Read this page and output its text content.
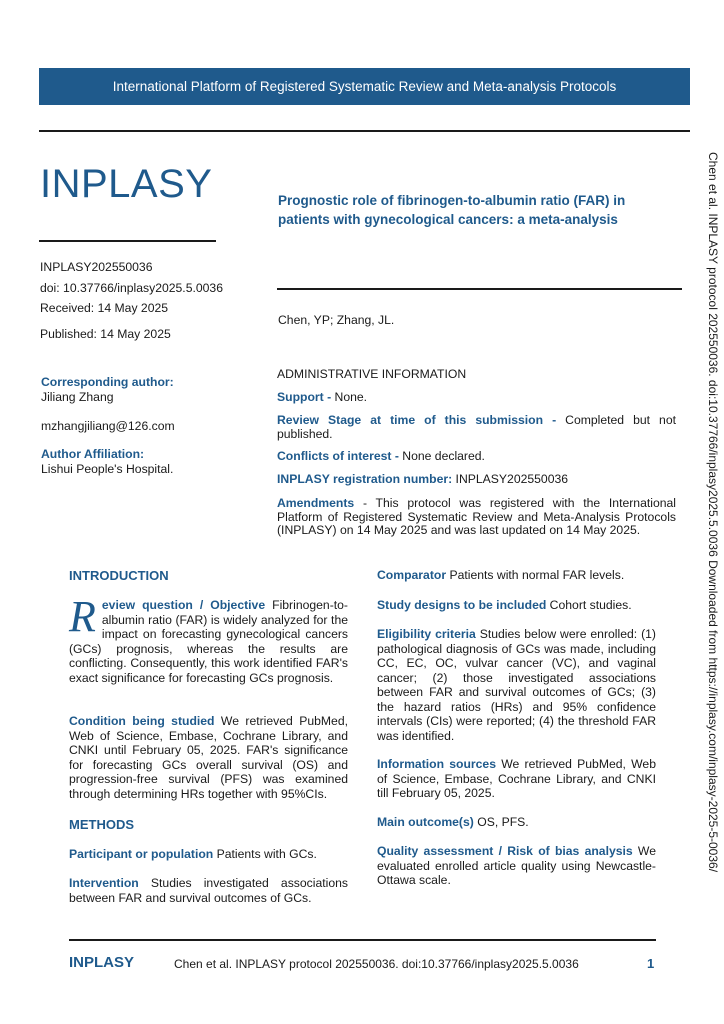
International Platform of Registered Systematic Review and Meta-analysis Protocols
INPLASY
INPLASY202550036
doi: 10.37766/inplasy2025.5.0036
Received: 14 May 2025
Published: 14 May 2025
Corresponding author:
Jiliang Zhang
mzhangjiliang@126.com
Author Affiliation:
Lishui People's Hospital.
Prognostic role of fibrinogen-to-albumin ratio (FAR) in patients with gynecological cancers: a meta-analysis
Chen, YP; Zhang, JL.
ADMINISTRATIVE INFORMATION
Support - None.
Review Stage at time of this submission - Completed but not published.
Conflicts of interest - None declared.
INPLASY registration number: INPLASY202550036
Amendments - This protocol was registered with the International Platform of Registered Systematic Review and Meta-Analysis Protocols (INPLASY) on 14 May 2025 and was last updated on 14 May 2025.
INTRODUCTION
Review question / Objective Fibrinogen-to-albumin ratio (FAR) is widely analyzed for the impact on forecasting gynecological cancers (GCs) prognosis, whereas the results are conflicting. Consequently, this work identified FAR's exact significance for forecasting GCs prognosis.
Condition being studied We retrieved PubMed, Web of Science, Embase, Cochrane Library, and CNKI until February 05, 2025. FAR's significance for forecasting GCs overall survival (OS) and progression-free survival (PFS) was examined through determining HRs together with 95%CIs.
METHODS
Participant or population Patients with GCs.
Intervention Studies investigated associations between FAR and survival outcomes of GCs.
Comparator Patients with normal FAR levels.
Study designs to be included Cohort studies.
Eligibility criteria Studies below were enrolled: (1) pathological diagnosis of GCs was made, including CC, EC, OC, vulvar cancer (VC), and vaginal cancer; (2) those investigated associations between FAR and survival outcomes of GCs; (3) the hazard ratios (HRs) and 95% confidence intervals (CIs) were reported; (4) the threshold FAR was identified.
Information sources We retrieved PubMed, Web of Science, Embase, Cochrane Library, and CNKI till February 05, 2025.
Main outcome(s) OS, PFS.
Quality assessment / Risk of bias analysis We evaluated enrolled article quality using Newcastle-Ottawa scale.
Chen et al. INPLASY protocol 202550036. doi:10.37766/inplasy2025.5.0036 Downloaded from https://inplasy.com/inplasy-2025-5-0036/
INPLASY	Chen et al. INPLASY protocol 202550036. doi:10.37766/inplasy2025.5.0036	1
